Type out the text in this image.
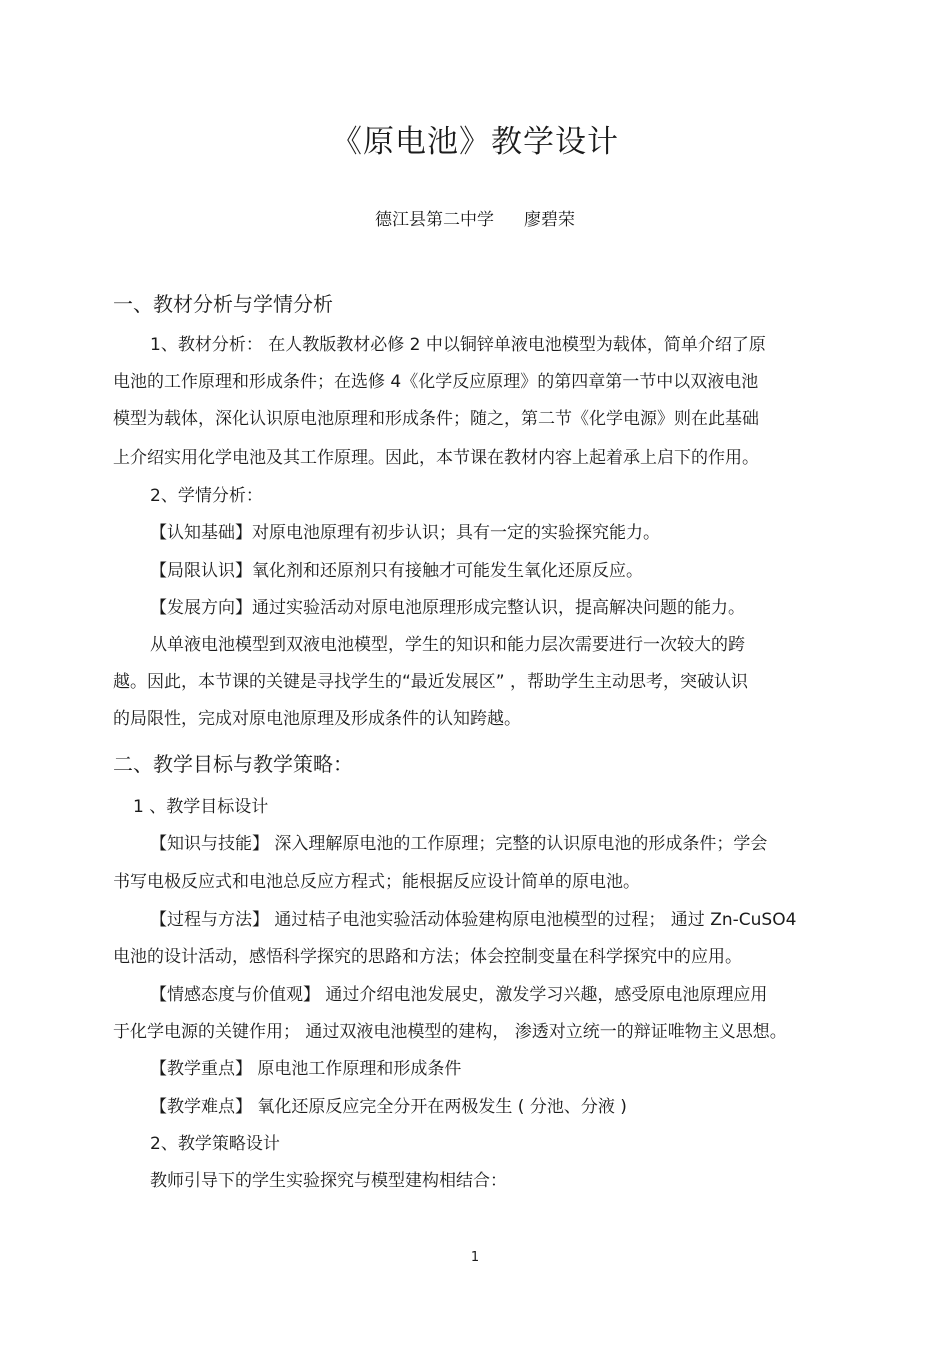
《原电池》教学设计
德江县第二中学 廖碧荣
一、教材分析与学情分析
1、教材分析： 在人教版教材必修 2 中以铜锌单液电池模型为载体，简单介绍了原
电池的工作原理和形成条件；在选修 4《化学反应原理》的第四章第一节中以双液电池
模型为载体，深化认识原电池原理和形成条件；随之，第二节《化学电源》则在此基础
上介绍实用化学电池及其工作原理。因此，本节课在教材内容上起着承上启下的作用。
2、学情分析：
【认知基础】对原电池原理有初步认识；具有一定的实验探究能力。
【局限认识】氧化剂和还原剂只有接触才可能发生氧化还原反应。
【发展方向】通过实验活动对原电池原理形成完整认识，提高解决问题的能力。
从单液电池模型到双液电池模型，学生的知识和能力层次需要进行一次较大的跨
越。因此，本节课的关键是寻找学生的“最近发展区” ，帮助学生主动思考，突破认识
的局限性，完成对原电池原理及形成条件的认知跨越。
二、教学目标与教学策略：
1 、教学目标设计
【知识与技能】 深入理解原电池的工作原理；完整的认识原电池的形成条件；学会
书写电极反应式和电池总反应方程式；能根据反应设计简单的原电池。
【过程与方法】 通过桔子电池实验活动体验建构原电池模型的过程； 通过 Zn-CuSO4
电池的设计活动，感悟科学探究的思路和方法；体会控制变量在科学探究中的应用。
【情感态度与价值观】 通过介绍电池发展史，激发学习兴趣，感受原电池原理应用
于化学电源的关键作用； 通过双液电池模型的建构， 渗透对立统一的辩证唯物主义思想。
【教学重点】 原电池工作原理和形成条件
【教学难点】 氧化还原反应完全分开在两极发生 ( 分池、分液 )
2、教学策略设计
教师引导下的学生实验探究与模型建构相结合：
1
